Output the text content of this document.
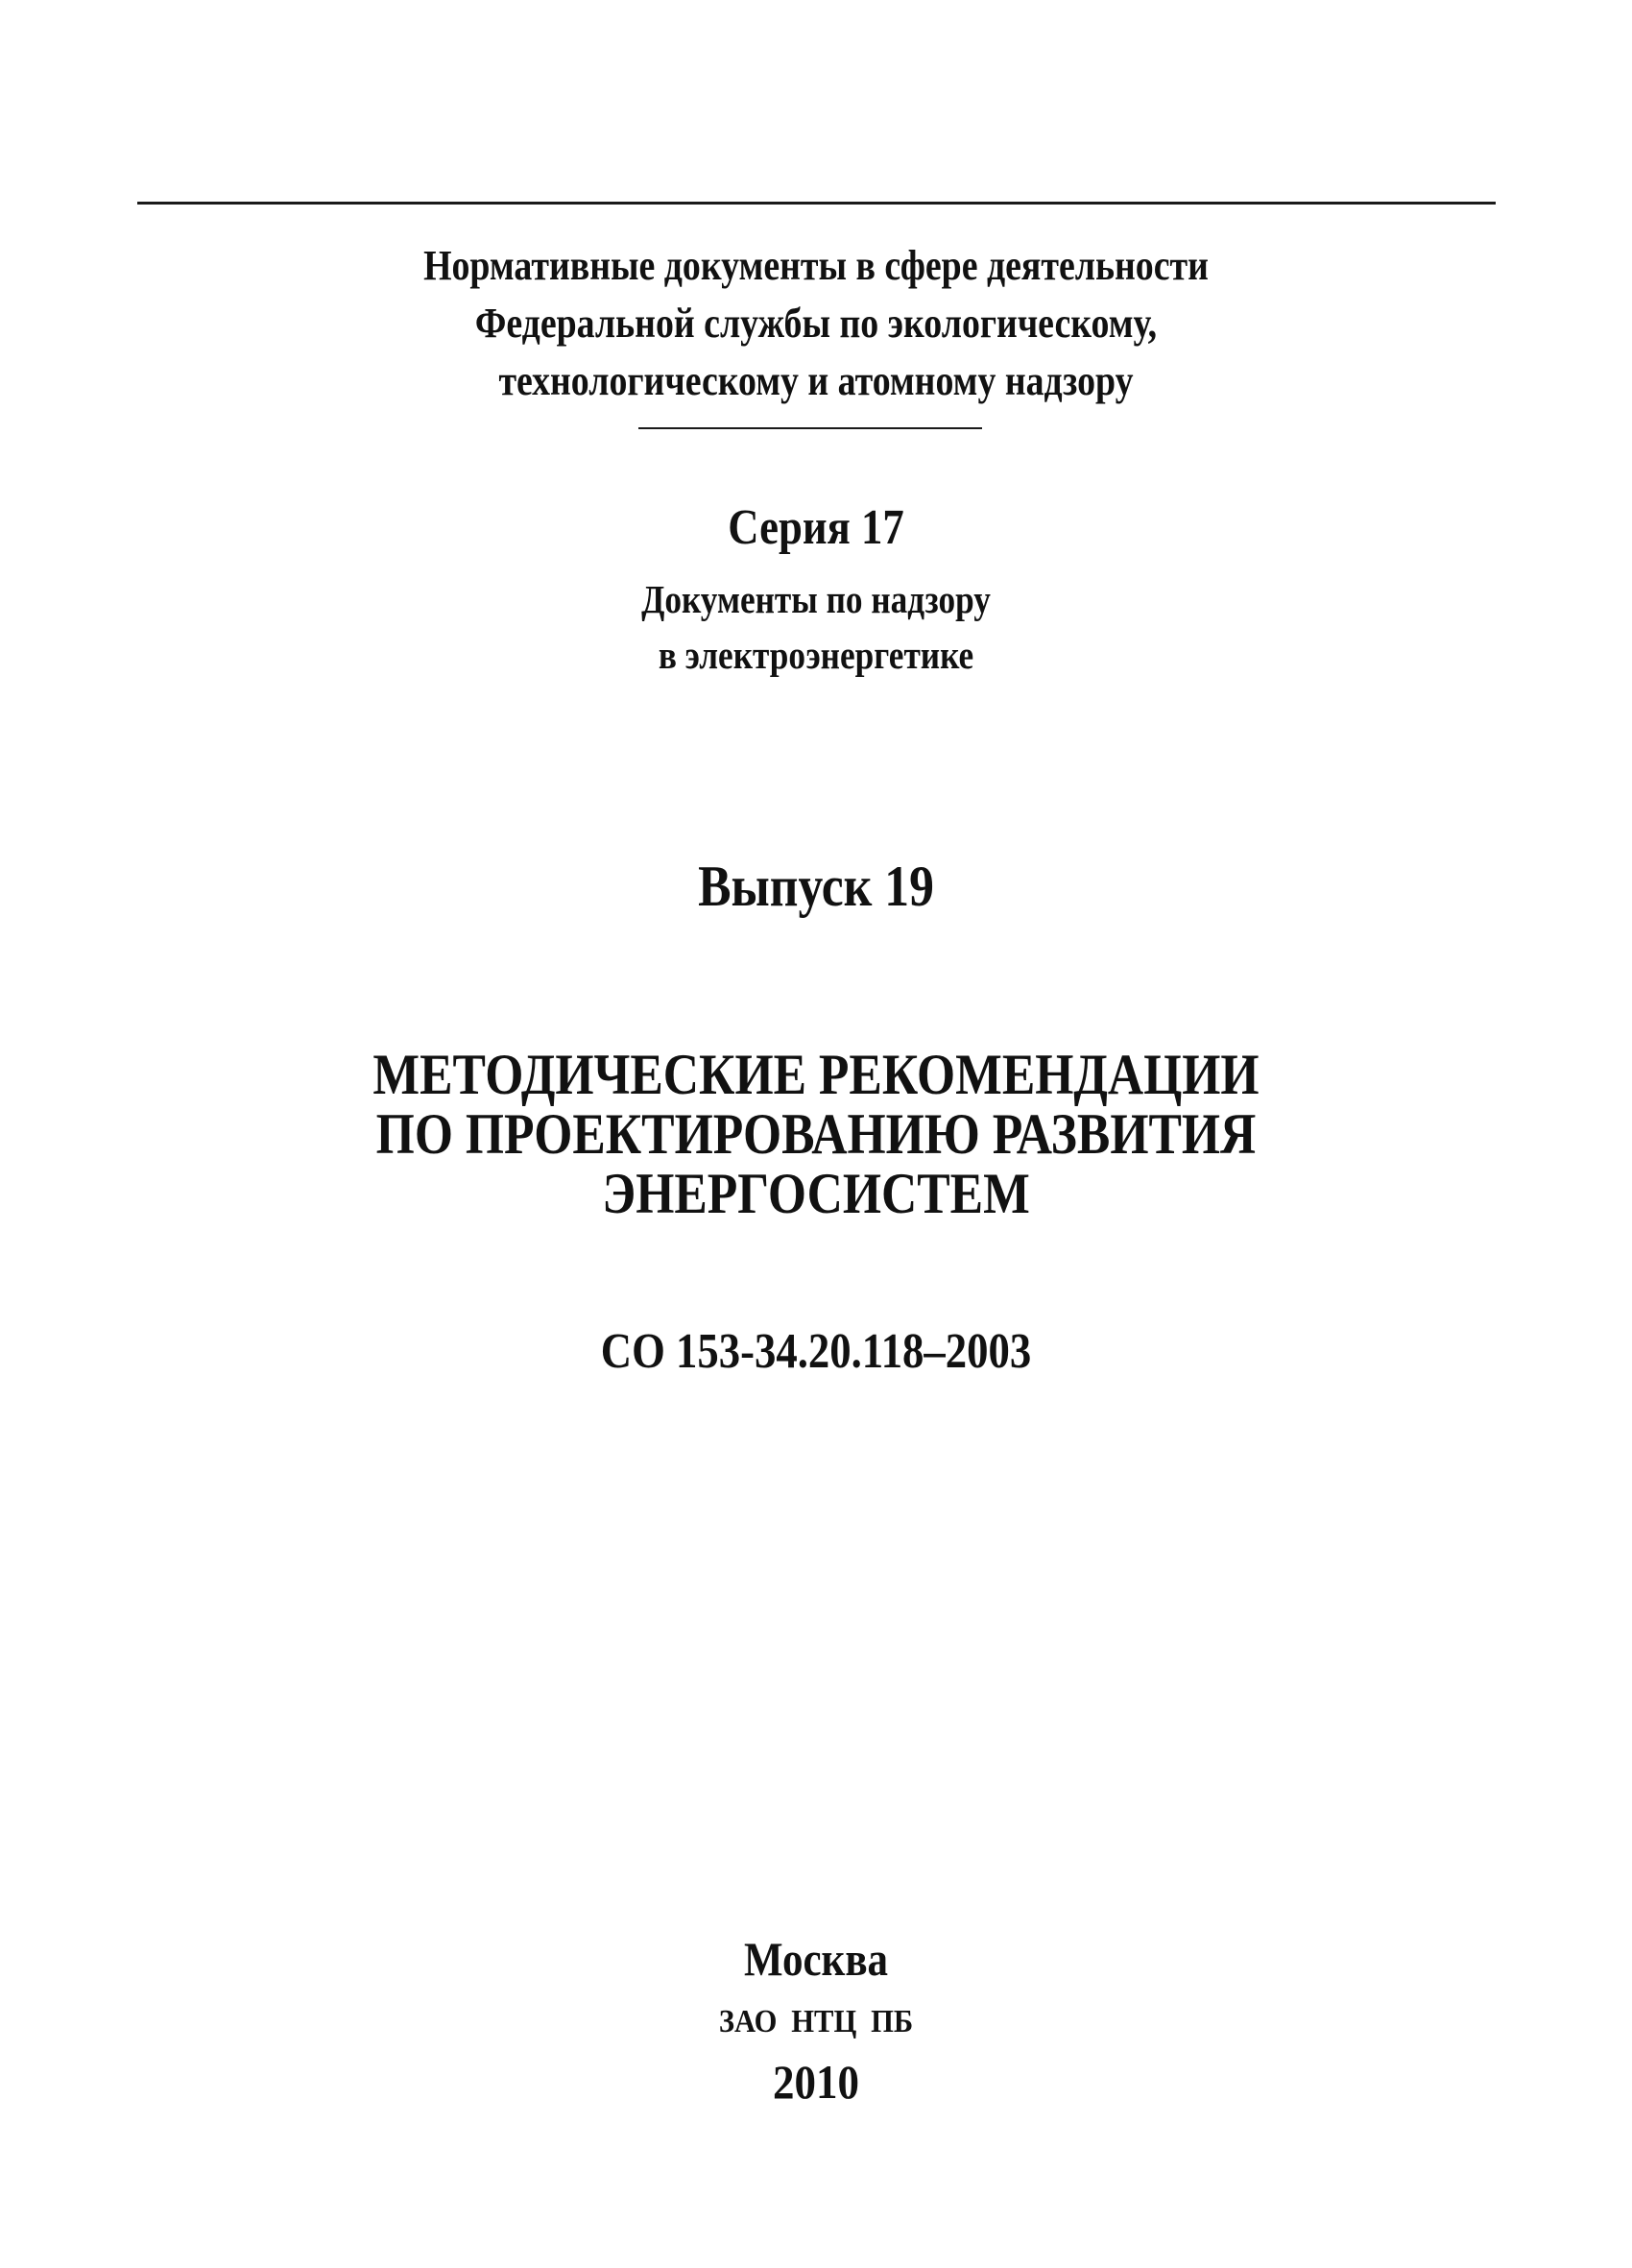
Нормативные документы в сфере деятельности
Федеральной службы по экологическому,
технологическому и атомному надзору
Серия 17
Документы по надзору
в электроэнергетике
Выпуск 19
МЕТОДИЧЕСКИЕ РЕКОМЕНДАЦИИ
ПО ПРОЕКТИРОВАНИЮ РАЗВИТИЯ
ЭНЕРГОСИСТЕМ
СО 153-34.20.118–2003
Москва
ЗАО НТЦ ПБ
2010
